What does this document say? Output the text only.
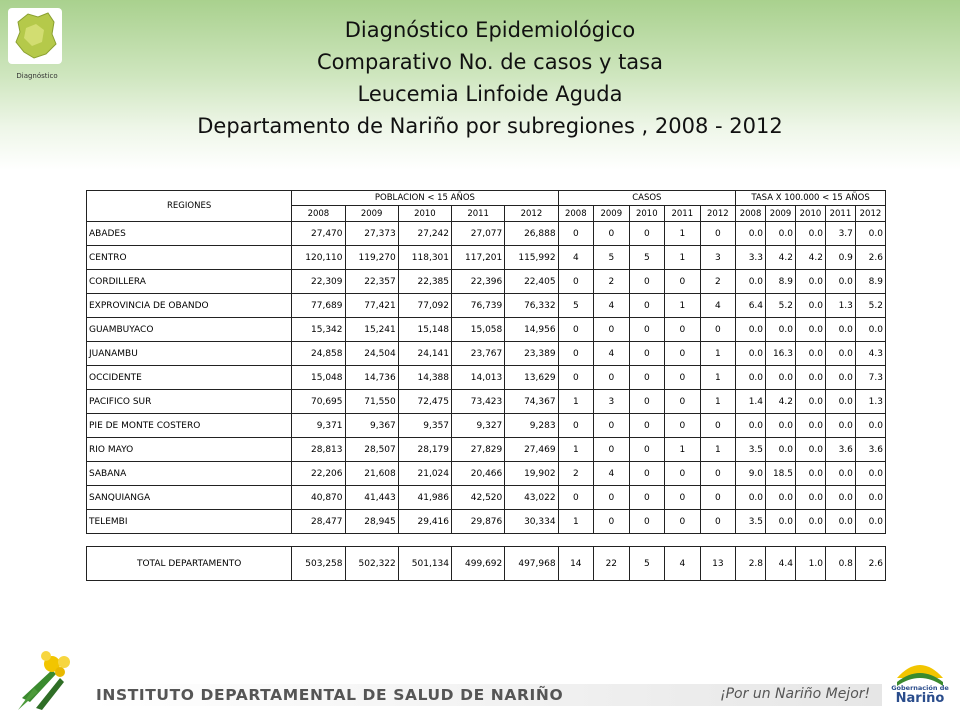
Diagnóstico
Diagnóstico Epidemiológico
Comparativo No. de casos y tasa
Leucemia Linfoide Aguda
Departamento de Nariño por subregiones , 2008 - 2012
REGIONES	POBLACION < 15 AÑOS					CASOS					TASA X 100.000 < 15 AÑOS				
	2008	2009	2010	2011	2012	2008	2009	2010	2011	2012	2008	2009	2010	2011	2012
ABADES	27,470	27,373	27,242	27,077	26,888	0	0	0	1	0	0.0	0.0	0.0	3.7	0.0
CENTRO	120,110	119,270	118,301	117,201	115,992	4	5	5	1	3	3.3	4.2	4.2	0.9	2.6
CORDILLERA	22,309	22,357	22,385	22,396	22,405	0	2	0	0	2	0.0	8.9	0.0	0.0	8.9
EXPROVINCIA DE OBANDO	77,689	77,421	77,092	76,739	76,332	5	4	0	1	4	6.4	5.2	0.0	1.3	5.2
GUAMBUYACO	15,342	15,241	15,148	15,058	14,956	0	0	0	0	0	0.0	0.0	0.0	0.0	0.0
JUANAMBU	24,858	24,504	24,141	23,767	23,389	0	4	0	0	1	0.0	16.3	0.0	0.0	4.3
OCCIDENTE	15,048	14,736	14,388	14,013	13,629	0	0	0	0	1	0.0	0.0	0.0	0.0	7.3
PACIFICO SUR	70,695	71,550	72,475	73,423	74,367	1	3	0	0	1	1.4	4.2	0.0	0.0	1.3
PIE DE MONTE COSTERO	9,371	9,367	9,357	9,327	9,283	0	0	0	0	0	0.0	0.0	0.0	0.0	0.0
RIO MAYO	28,813	28,507	28,179	27,829	27,469	1	0	0	1	1	3.5	0.0	0.0	3.6	3.6
SABANA	22,206	21,608	21,024	20,466	19,902	2	4	0	0	0	9.0	18.5	0.0	0.0	0.0
SANQUIANGA	40,870	41,443	41,986	42,520	43,022	0	0	0	0	0	0.0	0.0	0.0	0.0	0.0
TELEMBI	28,477	28,945	29,416	29,876	30,334	1	0	0	0	0	3.5	0.0	0.0	0.0	0.0

TOTAL DEPARTAMENTO	503,258	502,322	501,134	499,692	497,968	14	22	5	4	13	2.8	4.4	1.0	0.8	2.6
INSTITUTO DEPARTAMENTAL DE SALUD DE NARIÑO	¡Por un Nariño Mejor!	Gobernación de
Nariño
